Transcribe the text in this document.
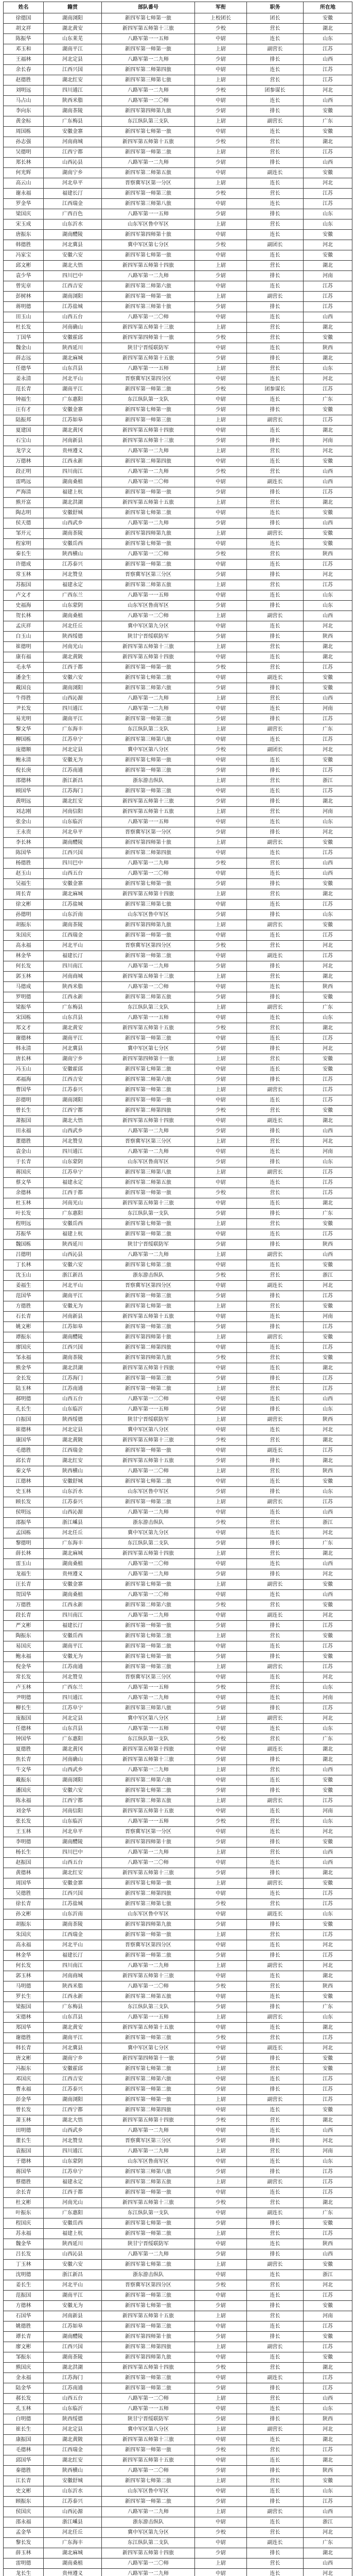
姓名	籍贯	部队番号	军衔	职务	所在地
徐德国	湖南浏阳	新四军第七师第一旅	上校团长	团长	安徽
胡文祥	湖北黄安	新四军第五师第十三旅	少校	营长	湖北
陈振华	山东莱芜	八路军第一一五师	中尉	连长	山东
邓玉和	湖南平江	新四军第一师第一旅	上尉	副营长	江苏
王福林	河北定县	八路军第一二九师	少尉	排长	山西
余长春	江西兴国	新四军第二师第四旅	中尉	连长	江苏
赵德胜	湖北红安	新四军第三师第七旅	上尉	营长	江苏
刘明远	四川通江	八路军第一二九师	少校	团参谋长	河北
马占山	陕西米脂	八路军第一二〇师	中尉	连长	山西
李向东	湖南茶陵	新四军第四师第九旅	少尉	排长	安徽
黄金标	广东梅县	东江纵队第三支队	上尉	副营长	广东
周国栋	安徽金寨	新四军第七师第一旅	中尉	连长	安徽
孙志强	河南商城	新四军第五师第十五旅	少校	营长	湖北
吴德明	江西宁都	新四军第一师第二旅	上尉	营长	江苏
郑长林	山西沁县	八路军第一二九师	少尉	排长	山西
何光辉	湖南宁乡	新四军第二师第五旅	中尉	副连长	安徽
高云山	河北阜平	晋察冀军区第一分区	上尉	连长	河北
谢永福	福建长汀	新四军第一师第三旅	少校	营长	江苏
罗金华	江西瑞金	新四军第三师第八旅	中尉	连长	江苏
梁国庆	广西百色	八路军第一一五师	少尉	排长	山东
宋玉成	山东沂水	山东军区鲁中军区	上尉	营长	山东
唐振东	湖南醴陵	新四军第四师第十旅	中尉	连长	安徽
韩德胜	河北冀县	冀中军区第七分区	少校	副团长	河北
冯家宝	安徽六安	新四军第七师第一旅	中尉	连长	安徽
邱文彬	湖北大悟	新四军第五师第十四旅	上尉	营长	湖北
袁少华	四川巴中	八路军第一二九师	少尉	排长	河南
曾宪章	江西吉安	新四军第二师第六旅	中尉	连长	江苏
彭树林	湖南浏阳	新四军第一师第一旅	上尉	副营长	江苏
蒋明德	江苏盐城	新四军第三师第十旅	少尉	排长	江苏
田玉山	山西五台	八路军第一二〇师	中尉	连长	山西
杜长发	河南确山	新四军第五师第十三旅	上尉	营长	湖北
丁国华	安徽霍邱	新四军第四师第十一旅	少校	营长	安徽
魏金山	陕西延川	陕甘宁晋绥联防军	中尉	连长	陕西
薛志远	湖北麻城	新四军第五师第十五旅	少尉	排长	湖北
任德华	山东莒县	八路军第一一五师	上尉	营长	山东
姜永清	河北平山	晋察冀军区第四分区	中尉	连长	河北
范长青	湖南平江	新四军第一师第二旅	少校	团参谋长	江苏
钟福生	广东惠阳	东江纵队第一支队	中尉	连长	广东
汪有才	安徽金寨	新四军第七师第一旅	少尉	排长	安徽
陆振邦	江苏如皋	新四军第一师第三旅	上尉	副营长	江苏
夏建国	湖北黄冈	新四军第五师第十四旅	中尉	连长	湖北
石宝山	河南新县	新四军第五师第十三旅	少尉	排长	河南
龙学文	贵州遵义	八路军第一二九师	上尉	营长	河北
万德林	江西永新	新四军第二师第四旅	中尉	连长	安徽
段正明	四川南江	八路军第一二九师	少校	营长	山西
雷鸣远	湖南桑植	八路军第一二〇师	中尉	副连长	山西
严海清	福建上杭	新四军第一师第一旅	少尉	排长	江苏
熊开富	湖北洪湖	新四军第五师第十五旅	上尉	营长	湖北
陶志明	安徽舒城	新四军第七师第二旅	中尉	连长	安徽
侯天德	山西武乡	八路军第一二九师	少尉	排长	山西
邹开元	湖南茶陵	新四军第四师第九旅	上尉	副营长	安徽
程家明	安徽岳西	新四军第七师第一旅	中尉	连长	安徽
秦长生	陕西横山	八路军第一二〇师	少校	营长	陕西
许德成	江苏泰兴	新四军第一师第二旅	中尉	连长	江苏
常玉林	河北赞皇	晋察冀军区第三分区	少尉	排长	河北
苏振国	福建永定	新四军第二师第五旅	上尉	营长	江苏
卢文才	广西东兰	八路军第一一五师	中尉	连长	山东
史福海	山东蒙阴	山东军区鲁南军区	少尉	排长	山东
贺长林	湖南桑植	八路军第一二〇师	上尉	副营长	山西
孟庆祥	河北任丘	冀中军区第九分区	中尉	连长	河北
白玉山	陕西绥德	陕甘宁晋绥联防军	少尉	排长	陕西
崔德明	河南光山	新四军第五师第十三旅	上尉	营长	湖北
康有福	湖北黄陂	新四军第五师第十四旅	中尉	连长	湖北
毛永华	江西于都	新四军第一师第一旅	少校	营长	江苏
潘金生	安徽六安	新四军第七师第二旅	中尉	副连长	安徽
戴国良	湖南浏阳	新四军第二师第六旅	少尉	排长	安徽
牛得胜	山西沁源	八路军第一二九师	上尉	营长	山西
尹长发	四川通江	八路军第一二九师	中尉	连长	河南
易光明	湖南平江	新四军第一师第三旅	少尉	排长	江苏
黎文华	广东海丰	东江纵队第二支队	上尉	副营长	广东
柳国栋	江苏阜宁	新四军第三师第八旅	中尉	连长	江苏
庞德顺	河北定县	冀中军区第八分区	少校	副团长	河北
鲍永清	安徽无为	新四军第七师第一旅	中尉	连长	安徽
倪长庚	江苏南通	新四军第一师第三旅	少尉	排长	江苏
邵德林	浙江新昌	浙东游击纵队	上尉	营长	浙江
顾国华	江苏海门	新四军第一师第三旅	中尉	连长	江苏
黄明远	湖北红安	新四军第五师第十三旅	少尉	排长	湖北
刘志刚	河南信阳	新四军第五师第十五旅	上尉	营长	河南
张金山	山东临沂	八路军第一一五师	中尉	连长	山东
王永贵	河北阜平	晋察冀军区第一分区	少尉	排长	河北
李长林	湖南醴陵	新四军第四师第十旅	上尉	副营长	安徽
陈国华	江西兴国	新四军第二师第四旅	中尉	连长	江苏
杨德胜	四川巴中	八路军第一二九师	少校	营长	山西
赵玉山	山西五台	八路军第一二〇师	中尉	连长	山西
吴福生	安徽金寨	新四军第七师第一旅	少尉	排长	安徽
周长青	湖北麻城	新四军第五师第十四旅	上尉	营长	湖北
徐文彬	江苏盐城	新四军第三师第七旅	中尉	连长	江苏
孙德明	山东沂南	山东军区鲁中军区	少尉	排长	山东
胡振东	湖南茶陵	新四军第四师第九旅	上尉	副营长	安徽
朱国庆	江西瑞金	新四军第一师第一旅	中尉	连长	江苏
高永福	河北平山	晋察冀军区第四分区	少校	营长	河北
林金华	福建长汀	新四军第一师第二旅	中尉	副连长	江苏
何长发	四川南江	八路军第一二九师	少尉	排长	河北
郭玉林	河南商城	新四军第五师第十三旅	上尉	营长	湖北
马德成	陕西米脂	八路军第一二〇师	中尉	连长	陕西
罗明德	江西永新	新四军第二师第五旅	少尉	排长	安徽
梁振华	广东梅县	东江纵队第三支队	上尉	副营长	广东
宋国栋	山东莒县	八路军第一一五师	中尉	连长	山东
郑文才	湖北黄安	新四军第五师第十五旅	少校	营长	湖北
谢德林	湖南平江	新四军第一师第三旅	中尉	连长	江苏
韩永清	河北冀县	冀中军区第七分区	少尉	排长	河北
唐长林	湖南宁乡	新四军第四师第十一旅	上尉	营长	安徽
冯玉山	安徽霍邱	新四军第七师第二旅	中尉	连长	安徽
邓福海	江西吉安	新四军第二师第六旅	少尉	排长	江苏
曹国华	江苏泰兴	新四军第一师第二旅	上尉	副营长	江苏
彭德明	湖南浏阳	新四军第一师第一旅	中尉	连长	江苏
曾长生	江西宁都	新四军第二师第四旅	少校	营长	安徽
萧振国	湖北大悟	新四军第五师第十四旅	中尉	副连长	湖北
田永福	山西武乡	八路军第一二九师	少尉	排长	山西
董德胜	河北赞皇	晋察冀军区第三分区	上尉	营长	河北
袁金山	四川通江	八路军第一二九师	中尉	连长	河南
于长青	山东蒙阴	山东军区鲁南军区	少尉	排长	山东
蒋国庆	江苏阜宁	新四军第三师第八旅	上尉	副营长	江苏
蔡文华	福建永定	新四军第二师第五旅	中尉	连长	江苏
余德林	江西于都	新四军第一师第一旅	少校	营长	江苏
杜玉林	河南光山	新四军第五师第十三旅	中尉	连长	湖北
叶长发	广东惠阳	东江纵队第一支队	少尉	排长	广东
程明远	安徽岳西	新四军第七师第一旅	上尉	营长	安徽
苏振华	福建上杭	新四军第一师第二旅	中尉	连长	江苏
魏国栋	陕西延川	陕甘宁晋绥联防军	少尉	排长	陕西
吕德明	山西沁县	八路军第一二九师	上尉	副营长	山西
丁长林	安徽六安	新四军第七师第二旅	中尉	连长	安徽
沈玉山	浙江新昌	浙东游击纵队	少校	营长	浙江
姜福生	河北平山	晋察冀军区第四分区	中尉	副连长	河北
范国华	湖南平江	新四军第一师第三旅	少尉	排长	江苏
方德胜	安徽无为	新四军第七师第一旅	上尉	营长	安徽
石长青	河南新县	新四军第五师第十五旅	中尉	连长	河南
姚文彬	江苏如皋	新四军第一师第三旅	少尉	排长	江苏
谭振东	湖南醴陵	新四军第四师第十旅	上尉	副营长	安徽
廖国庆	江西兴国	新四军第二师第四旅	中尉	连长	江苏
邹永福	湖南茶陵	新四军第四师第九旅	少校	营长	安徽
熊金华	湖北洪湖	新四军第五师第十四旅	中尉	连长	湖北
金长发	江苏海门	新四军第一师第三旅	少尉	排长	江苏
陆玉林	江苏南通	新四军第一师第二旅	上尉	营长	江苏
郝明德	山西五台	八路军第一二〇师	中尉	连长	山西
孔长生	山东临沂	八路军第一一五师	少尉	排长	山东
白振国	陕西绥德	陕甘宁晋绥联防军	上尉	副营长	陕西
崔德林	河北定县	冀中军区第八分区	中尉	连长	河北
康国华	湖北黄陂	新四军第五师第十三旅	少校	营长	湖北
毛德胜	江西瑞金	新四军第一师第一旅	中尉	副连长	江苏
邱长青	湖北红安	新四军第五师第十五旅	少尉	排长	湖北
秦文华	陕西横山	八路军第一二〇师	上尉	营长	陕西
江德林	安徽舒城	新四军第七师第二旅	中尉	连长	安徽
史玉林	山东沂水	山东军区鲁中军区	少尉	排长	山东
顾长发	江苏泰兴	新四军第一师第二旅	上尉	副营长	江苏
侯明远	山西沁源	八路军第一二九师	中尉	连长	山西
邵振华	浙江嵊县	浙东游击纵队	少校	营长	浙江
孟国栋	河北任丘	冀中军区第九分区	中尉	连长	河北
黎德明	广东海丰	东江纵队第二支队	少尉	排长	广东
薛长林	湖北麻城	新四军第五师第十四旅	上尉	营长	湖北
雷玉山	湖南桑植	八路军第一二〇师	中尉	连长	山西
龙福生	贵州遵义	八路军第一二九师	少尉	排长	河北
汪长青	安徽金寨	新四军第七师第一旅	上尉	副营长	安徽
贺国华	湖南桑植	八路军第一二〇师	中尉	连长	山西
万德胜	江西永新	新四军第二师第六旅	少校	营长	安徽
段长青	四川南江	八路军第一二九师	中尉	副连长	河北
严文彬	福建长汀	新四军第一师第一旅	少尉	排长	江苏
陶振东	安徽岳西	新四军第七师第二旅	上尉	营长	安徽
易国庆	湖南平江	新四军第一师第二旅	中尉	连长	江苏
鲍永福	安徽无为	新四军第七师第一旅	少尉	排长	安徽
倪金华	江苏南通	新四军第一师第三旅	上尉	副营长	江苏
常长发	河北赞皇	晋察冀军区第三分区	中尉	连长	河北
卢玉林	广西东兰	八路军第一一五师	少校	营长	山东
尹明德	四川通江	八路军第一二九师	中尉	连长	河南
柳长生	江苏阜宁	新四军第三师第八旅	少尉	排长	江苏
庞振国	河北定县	冀中军区第八分区	上尉	副营长	河北
任德林	山东莒县	八路军第一一五师	中尉	连长	山东
钟国华	广东惠阳	东江纵队第一支队	少校	营长	广东
夏德胜	湖北黄冈	新四军第五师第十四旅	中尉	副连长	湖北
焦长青	河南确山	新四军第五师第十三旅	少尉	排长	湖北
牛文华	山西武乡	八路军第一二九师	上尉	营长	山西
戴振东	湖南浏阳	新四军第二师第六旅	中尉	连长	安徽
潘国庆	安徽六安	新四军第七师第二旅	少尉	排长	安徽
陈永福	江西宁都	新四军第二师第五旅	上尉	副营长	江苏
刘金华	河南信阳	新四军第五师第十五旅	中尉	连长	河南
张长发	山东临沂	八路军第一一五师	少校	营长	山东
王玉林	河北阜平	晋察冀军区第一分区	中尉	连长	河北
李明德	湖南醴陵	新四军第四师第十旅	少尉	排长	安徽
杨长生	四川巴中	八路军第一二九师	上尉	营长	山西
赵振国	山西五台	八路军第一二〇师	中尉	连长	山西
黄德林	湖北红安	新四军第五师第十三旅	少尉	排长	湖北
周国华	安徽金寨	新四军第七师第一旅	上尉	副营长	安徽
吴德胜	江西兴国	新四军第二师第四旅	中尉	连长	江苏
徐长青	江苏盐城	新四军第三师第七旅	少校	营长	江苏
孙文彬	山东沂南	山东军区鲁中军区	中尉	副连长	山东
胡振东	湖南茶陵	新四军第四师第九旅	少尉	排长	安徽
朱国庆	江西瑞金	新四军第一师第一旅	上尉	营长	江苏
高永福	河北平山	晋察冀军区第四分区	中尉	连长	河北
林金华	福建长汀	新四军第一师第二旅	少尉	排长	江苏
何长发	四川南江	八路军第一二九师	上尉	副营长	河北
郭玉林	河南商城	新四军第五师第十三旅	中尉	连长	湖北
马明德	陕西米脂	八路军第一二〇师	少校	营长	陕西
罗长生	江西永新	新四军第二师第五旅	中尉	连长	安徽
梁振国	广东梅县	东江纵队第三支队	少尉	排长	广东
宋德林	山东莒县	八路军第一一五师	上尉	副营长	山东
郑国华	湖北黄安	新四军第五师第十五旅	中尉	连长	湖北
谢德胜	湖南平江	新四军第一师第三旅	少校	营长	江苏
韩长青	河北冀县	冀中军区第七分区	中尉	副连长	河北
唐文彬	湖南宁乡	新四军第四师第十一旅	少尉	排长	安徽
冯振东	安徽霍邱	新四军第七师第二旅	上尉	营长	安徽
邓国庆	江西吉安	新四军第二师第六旅	中尉	连长	江苏
曹永福	江苏泰兴	新四军第一师第二旅	少尉	排长	江苏
彭金华	湖南浏阳	新四军第一师第一旅	上尉	副营长	江苏
曾长发	江西宁都	新四军第二师第四旅	中尉	连长	安徽
萧玉林	湖北大悟	新四军第五师第十四旅	少校	营长	湖北
田明德	山西武乡	八路军第一二九师	中尉	连长	山西
董长生	河北赞皇	晋察冀军区第三分区	少尉	排长	河北
袁振国	四川通江	八路军第一二九师	上尉	营长	河南
于德林	山东蒙阴	山东军区鲁南军区	中尉	连长	山东
蒋国华	江苏阜宁	新四军第三师第八旅	少尉	排长	江苏
蔡德胜	福建永定	新四军第二师第五旅	上尉	副营长	江苏
余长青	江西于都	新四军第一师第一旅	中尉	连长	江苏
杜文彬	河南光山	新四军第五师第十三旅	少校	营长	湖北
叶振东	广东惠阳	东江纵队第一支队	中尉	副连长	广东
程国庆	安徽岳西	新四军第七师第一旅	少尉	排长	安徽
苏永福	福建上杭	新四军第一师第二旅	上尉	营长	江苏
魏金华	陕西延川	陕甘宁晋绥联防军	中尉	连长	陕西
吕长发	山西沁县	八路军第一二九师	少尉	排长	山西
丁玉林	安徽六安	新四军第七师第二旅	上尉	副营长	安徽
沈明德	浙江新昌	浙东游击纵队	中尉	连长	浙江
姜长生	河北平山	晋察冀军区第四分区	少校	营长	河北
范振国	湖南平江	新四军第一师第三旅	中尉	连长	江苏
方德林	安徽无为	新四军第七师第一旅	少尉	排长	安徽
石国华	河南新县	新四军第五师第十五旅	上尉	营长	河南
姚德胜	江苏如皋	新四军第一师第三旅	中尉	连长	江苏
谭长青	湖南醴陵	新四军第四师第十旅	少尉	排长	安徽
廖文彬	江西兴国	新四军第二师第四旅	上尉	副营长	江苏
邹振东	湖南茶陵	新四军第四师第九旅	中尉	连长	安徽
熊国庆	湖北洪湖	新四军第五师第十四旅	少校	营长	湖北
金永福	江苏海门	新四军第一师第三旅	中尉	副连长	江苏
陆金华	江苏南通	新四军第一师第二旅	少尉	排长	江苏
郝长发	山西五台	八路军第一二〇师	上尉	营长	山西
孔玉林	山东临沂	八路军第一一五师	中尉	连长	山东
白明德	陕西绥德	陕甘宁晋绥联防军	少尉	排长	陕西
崔长生	河北定县	冀中军区第八分区	上尉	副营长	河北
康振国	湖北黄陂	新四军第五师第十三旅	中尉	连长	湖北
毛德林	江西瑞金	新四军第一师第一旅	少校	营长	江苏
邱国华	湖北红安	新四军第五师第十五旅	中尉	连长	湖北
秦德胜	陕西横山	八路军第一二〇师	少尉	排长	陕西
江长青	安徽舒城	新四军第七师第二旅	上尉	营长	安徽
史文彬	山东沂水	山东军区鲁中军区	中尉	连长	山东
顾振东	江苏泰兴	新四军第一师第二旅	少尉	排长	江苏
侯国庆	山西沁源	八路军第一二九师	上尉	副营长	山西
邵永福	浙江嵊县	浙东游击纵队	中尉	连长	浙江
孟金华	河北任丘	冀中军区第九分区	少校	营长	河北
黎长发	广东海丰	东江纵队第二支队	中尉	副连长	广东
薛玉林	湖北麻城	新四军第五师第十四旅	少尉	排长	湖北
雷明德	湖南桑植	八路军第一二〇师	上尉	营长	山西
龙长生	贵州遵义	八路军第一二九师	中尉	连长	河北
